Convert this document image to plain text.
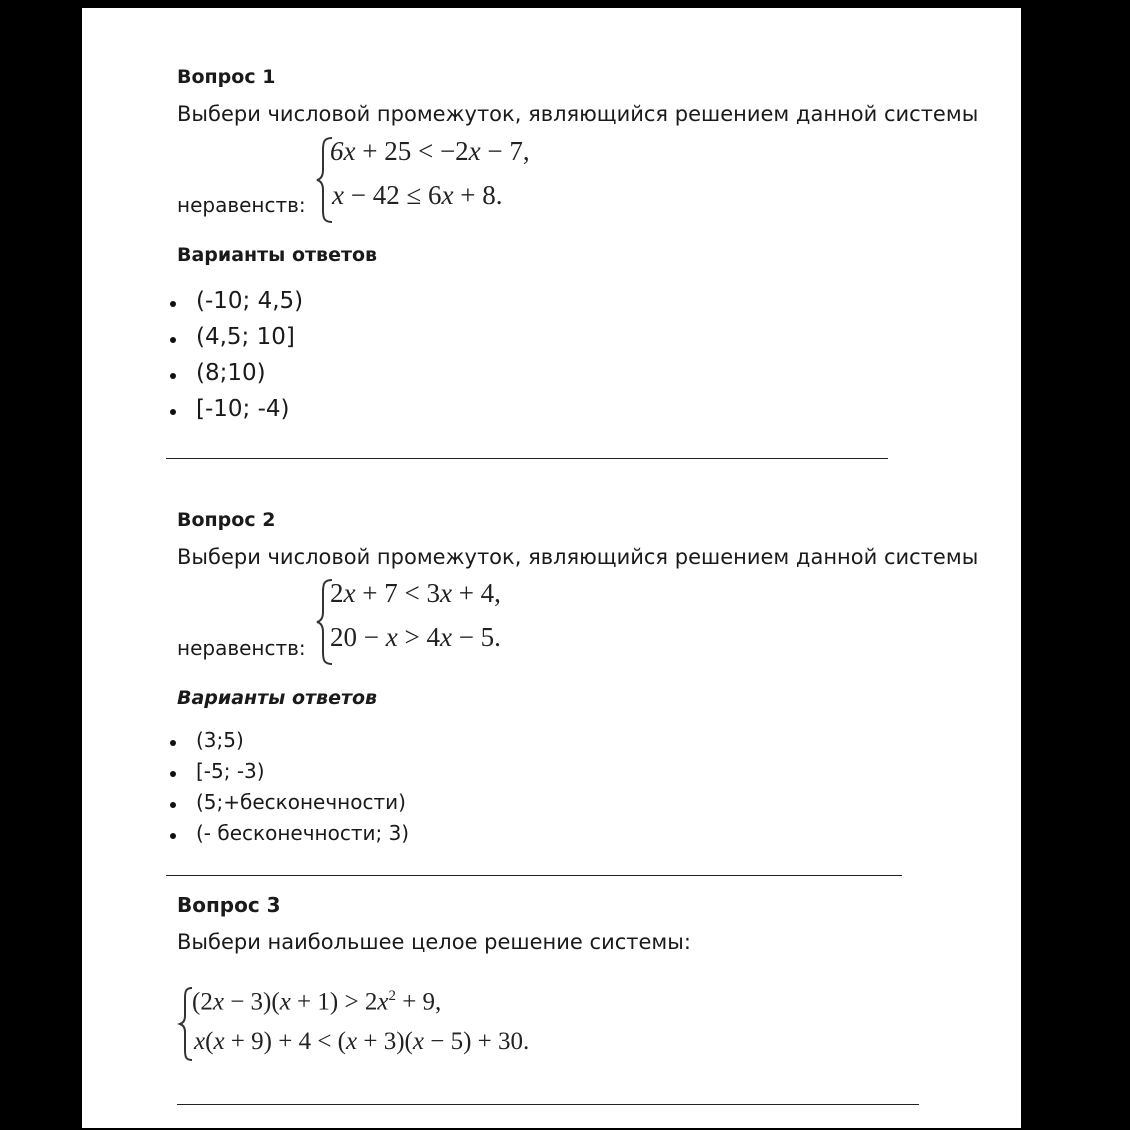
Вопрос 1
Выбери числовой промежуток, являющийся решением данной системы
неравенств:
6x + 25 < −2x − 7,
x − 42 ≤ 6x + 8.
Варианты ответов
(-10; 4,5)
(4,5; 10]
(8;10)
[-10; -4)
Вопрос 2
Выбери числовой промежуток, являющийся решением данной системы
неравенств:
2x + 7 < 3x + 4,
20 − x > 4x − 5.
Варианты ответов
(3;5)
[-5; -3)
(5;+бесконечности)
(- бесконечности; 3)
Вопрос 3
Выбери наибольшее целое решение системы:
$(2x - 3)(x + 1) > 2x^2 + 9$,
x(x + 9) + 4 < (x + 3)(x − 5) + 30.
